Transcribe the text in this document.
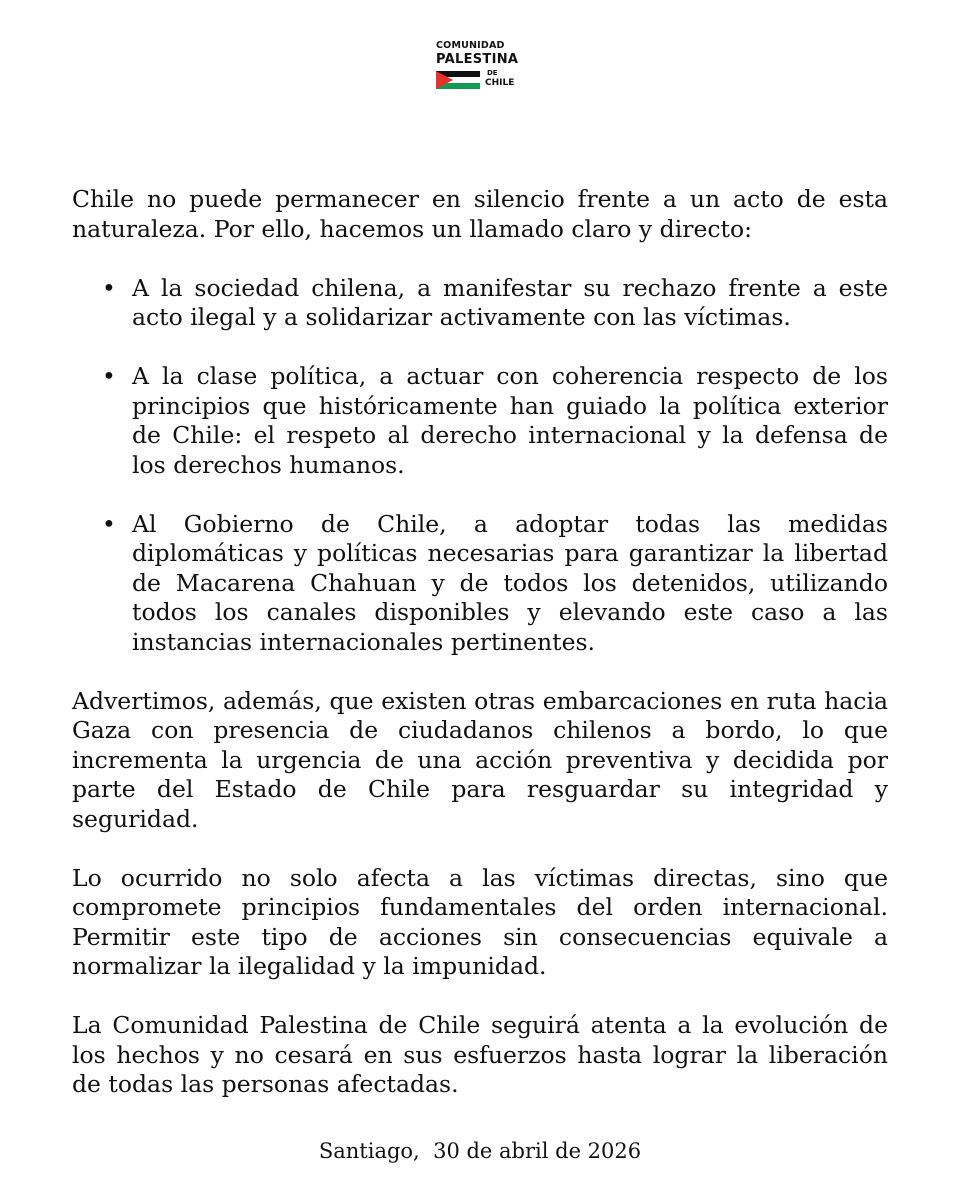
COMUNIDAD
PALESTINA
DE
CHILE

Chile no puede permanecer en silencio frente a un acto de esta naturaleza. Por ello, hacemos un llamado claro y directo:

• A la sociedad chilena, a manifestar su rechazo frente a este acto ilegal y a solidarizar activamente con las víctimas.
• A la clase política, a actuar con coherencia respecto de los principios que históricamente han guiado la política exterior de Chile: el respeto al derecho internacional y la defensa de los derechos humanos.
• Al Gobierno de Chile, a adoptar todas las medidas diplomáticas y políticas necesarias para garantizar la libertad de Macarena Chahuan y de todos los detenidos, utilizando todos los canales disponibles y elevando este caso a las instancias internacionales pertinentes.

Advertimos, además, que existen otras embarcaciones en ruta hacia Gaza con presencia de ciudadanos chilenos a bordo, lo que incrementa la urgencia de una acción preventiva y decidida por parte del Estado de Chile para resguardar su integridad y seguridad.

Lo ocurrido no solo afecta a las víctimas directas, sino que compromete principios fundamentales del orden internacional. Permitir este tipo de acciones sin consecuencias equivale a normalizar la ilegalidad y la impunidad.

La Comunidad Palestina de Chile seguirá atenta a la evolución de los hechos y no cesará en sus esfuerzos hasta lograr la liberación de todas las personas afectadas.

Santiago,  30 de abril de 2026
